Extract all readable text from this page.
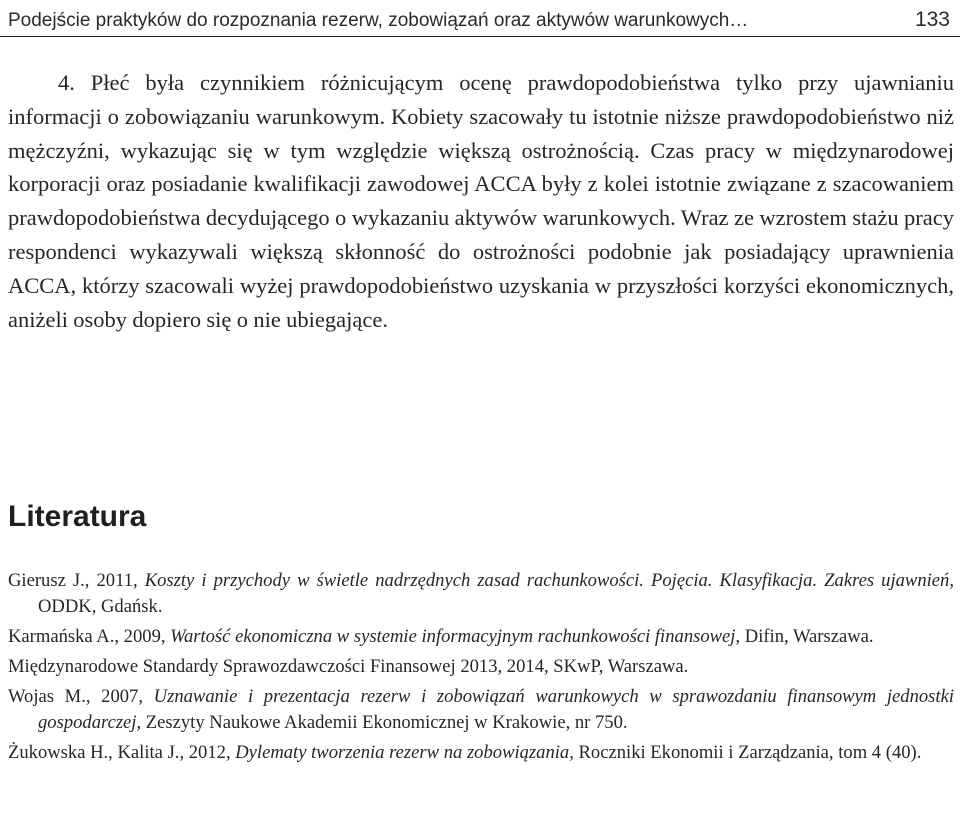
Podejście praktyków do rozpoznania rezerw, zobowiązań oraz aktywów warunkowych…	133

4. Płeć była czynnikiem różnicującym ocenę prawdopodobieństwa tylko przy ujawnianiu informacji o zobowiązaniu warunkowym. Kobiety szacowały tu istotnie niższe prawdopodobieństwo niż mężczyźni, wykazując się w tym względzie większą ostrożnością. Czas pracy w międzynarodowej korporacji oraz posiadanie kwalifikacji zawodowej ACCA były z kolei istotnie związane z szacowaniem prawdopodobieństwa decydującego o wykazaniu aktywów warunkowych. Wraz ze wzrostem stażu pracy respondenci wykazywali większą skłonność do ostrożności podobnie jak posiadający uprawnienia ACCA, którzy szacowali wyżej prawdopodobieństwo uzyskania w przyszłości korzyści ekonomicznych, aniżeli osoby dopiero się o nie ubiegające.

Literatura
Gierusz J., 2011, Koszty i przychody w świetle nadrzędnych zasad rachunkowości. Pojęcia. Klasyfikacja. Zakres ujawnień, ODDK, Gdańsk.
Karmańska A., 2009, Wartość ekonomiczna w systemie informacyjnym rachunkowości finansowej, Difin, Warszawa.
Międzynarodowe Standardy Sprawozdawczości Finansowej 2013, 2014, SKwP, Warszawa.
Wojas M., 2007, Uznawanie i prezentacja rezerw i zobowiązań warunkowych w sprawozdaniu finansowym jednostki gospodarczej, Zeszyty Naukowe Akademii Ekonomicznej w Krakowie, nr 750.
Żukowska H., Kalita J., 2012, Dylematy tworzenia rezerw na zobowiązania, Roczniki Ekonomii i Zarządzania, tom 4 (40).
